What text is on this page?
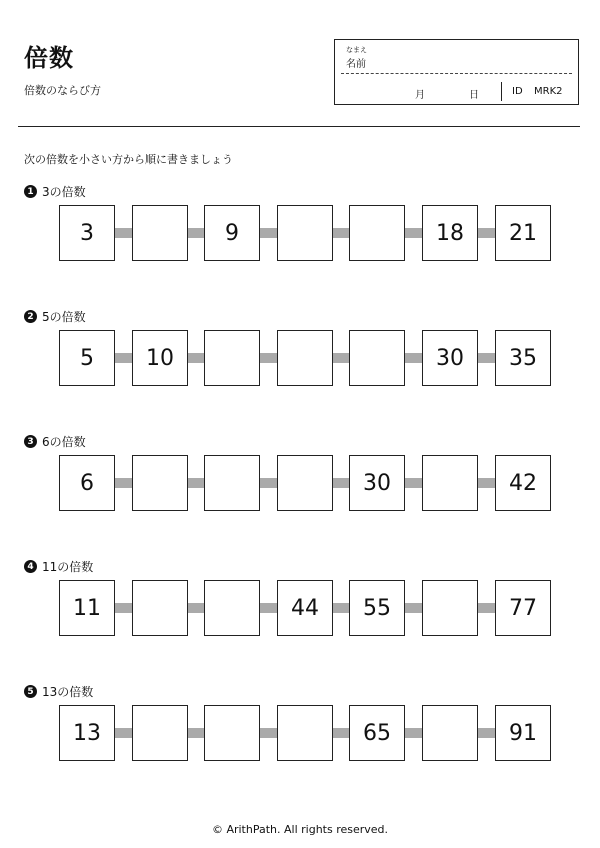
倍数
倍数のならび方
なまえ
名前
月	日	ID MRK2
次の倍数を小さい方から順に書きましょう
1 3の倍数
3	9	18	21
2 5の倍数
5	10	30	35
3 6の倍数
6	30	42
4 11の倍数
11	44	55	77
5 13の倍数
13	65	91
© ArithPath. All rights reserved.
